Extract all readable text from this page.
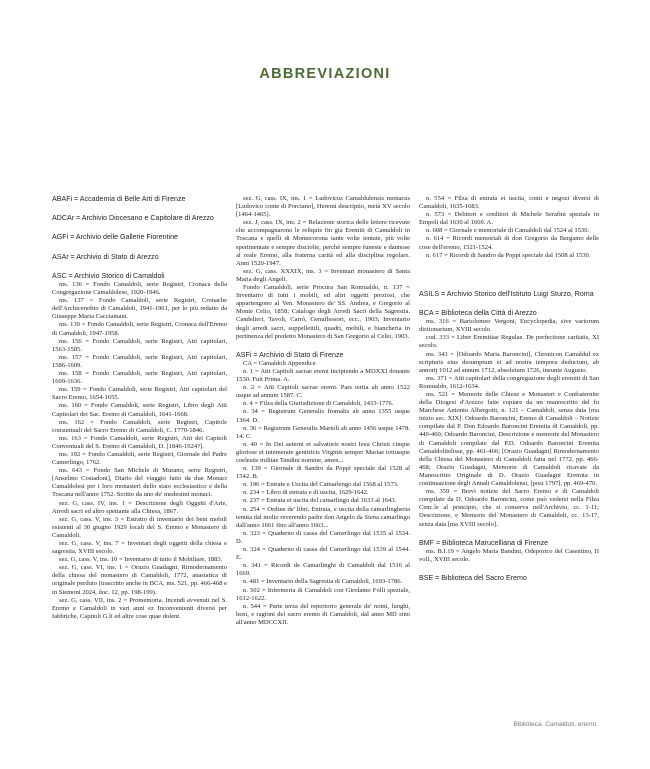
ABBREVIAZIONI

ABAFi = Accademia di Belle Arti di Firenze

ADCAr = Archivio Diocesano e Capitolare di Arezzo

AGFi = Archivio delle Gallerie Fiorentine

ASAr = Archivio di Stato di Arezzo

ASC = Archivio Storico di Camaldoli

ms. 136 = Fondo Camaldoli, serie Registri, Cronaca della Congregazione Camaldolese, 1920-1946.

ms. 137 = Fondo Camaldoli, serie Registri, Cronache dell'Archicenobio di Camaldoli, 1941-1961, per lo più redatto da Giuseppe Maria Cacciamani.

ms. 139 = Fondo Camaldoli, serie Registri, Cronaca dell'Eremo di Camaldoli, 1947-1958.

ms. 156 = Fondo Camaldoli, serie Registri, Atti capitolari, 1563-1585.

ms. 157 = Fondo Camaldoli, serie Registri, Atti capitolari, 1586-1609.

ms. 158 = Fondo Camaldoli, serie Registri, Atti capitolari, 1609-1636.

ms. 159 = Fondo Camaldoli, serie Registri, Atti capitolari del Sacro Eremo, 1654-1655.

ms. 160 = Fondo Camaldoli, serie Registri, Libro degli Atti Capitolari dei Sac. Eremo di Camaldoli, 1641-1668.

ms. 162 = Fondo Camaldoli, serie Registri, Capitole consuntuali del Sacro Eremo di Camaldoli, C. 1770-1846.

ms. 163 = Fondo Camaldoli, serie Registri, Atti dei Capitoli Conventuali del S. Eremo di Camaldoli, D. [1846-1924?].

ms. 192 = Fondo Camaldoli, serie Registri, Giornale del Padre Camerlingo, 1762.

ms. 643 = Fondo San Michele di Murano, serie Registri, [Anselmo Costadoni], Diario del viaggio fatto da due Monaci Camaldolesi per i loro monasteri dello stato ecclesiastico e della Toscana nell'anno 1752. Scritto da uno de' medesimi monaci.

sez. G, cass. IV, ins. 1 = Descrizione degli Oggetti d'Arte, Arredi sacri ed altro spettante alla Chiesa, 1867.

sez. G, cass. V, ins. 3 = Estratto di inventario dei beni mobili esistenti al 30 giugno 1929 locali del S. Eremo e Monastero di Camaldoli.

sez. G, cass. V, ins. 7 = Inventari degli oggetti della chiesa e sagrestia, XVIII secolo.

sez. G, cass. V, ins. 10 = Inventario di tutto il Mobiliare, 1883.

sez. G, cass. VI, ins. 1 = Orazio Guadagni, Rimodernamento della chiesa del monastero di Camaldoli, 1772, anastatica di originale perduto (trascritto anche in BCA, ms. 521, pp. 466-468 e in Siemoni 2024, doc. 12, pp. 198-199).

sez. G, cass. VII, ins. 2 = Promemoria. Incendi avvenuti nel S. Eremo e Camaldoli in vari anni ez Inconvenienti diversi per fabbriche, Capitoli G.li ed altre cose quae dolent.

sez. G, cass. IX, ins. 1 = Ludovicus Camaldulensis monacus [Ludovico conte di Porciano], Heremi descriptio, metà XV secolo [1464-1465].

sez. J, cass. IX, ins. 2 = Relazione storica delle lettere ricevute che accompagnarono le reliquie fin già Eremiti di Camaldoli in Toscana e quelli di Montecorona tante volte tentate, più volte sperimentate e sempre disciolte, perchè sempre funeste e dannose al reale Eremo, alla fraterna carità ed alla disciplina regolare. Anni 1520-1947.

sez. G, cass. XXXIX, ins. 3 = Inventari monastero di Santa Maria degli Angeli.

Fondo Camaldoli, serie Procura San Romualdo, n. 137 = Inventario di tutti i mobili, ed altri oggetti preziosi, che appartengono al Ven. Monastero de' SS. Andrea, e Gregorio al Monte Celio, 1858; Catalogo degli Arredi Sacri della Sagrestia. Candelieri, Tavoli, Carrò, Genuflessori, ecc., 1903; Inventario degli arredi sacri, suppellettili, quadri, mobili, e biancheria in pertinenza del predetto Monastero di San Gregorio al Celio, 1903.

ASFi = Archivio di Stato di Firenze

CA = Camaldoli Appendice

n. 1 = Atti Capitoli sacrae eremi incipiendo a MDXXI donante 1530. Fuit Prima. A.

n. 2 = Atti Capitoli sacrae eremi. Pars tertia ab anno 1522 usque ad annum 1587. C.

n. 4 = Filza della Giurisdizione di Camaldoli, 1433-1776.

n. 34 = Registrum Generalis fromalis ab anno 1355 usque 1364. D.

n. 36 = Registrum Generalis Martoli ab anno 1456 usque 1478. 14. C.

n. 40 = In Dei aeterni et salvatoris nostri Iesu Christi cinque gloriose et intemerate genitricis Virginis semper Mariae totiusque coelestis militae Tandini nomine, amen...

n. 139 = Giornale di Sandro da Poppi speciale dal 1528 al 1542. B.

n. 196 = Entrate e Uscita del Camarlengo dal 1568 al 1573.

n. 234 = Libro di entrata e di uscita, 1629-1642.

n. 237 = Entrata et uscita del camarlingo dal 1633 al 1643.

n. 254 = Ordine de' libri. Entrata, e uscita della camarlingheria tenuta dal molto reverendo padre don Angelo da Siena camarlingo dall'anno 1661 fino all'anno 1663...

n. 323 = Quaderno di cassa del Camerlingo dal 1535 al 1534. D.

n. 324 = Quaderno di cassa del Camerlingo dal 1539 al 1544. E.

n. 341 = Ricordi de Camarlinghi di Camaldoli dal 1516 al 1669.

n. 481 = Inventario della Sagrestia di Camaldoli, 1693-1786.

n. 502 = Infermeria di Camaldoli con Girolamo Folli speziale, 1612-1622.

n. 544 = Parte terza del repertorio generale de' nomi, luoghi, beni, e ragioni del sacro eremo di Camaldoli, dal anno MD sino all'anno MDCCXII.

n. 554 = Filza di entrata et uscita, conti e negozi diversi di Camaldoli, 1635-1683.

n. 573 = Debitori e creditori di Michele Serafini speziale in Empoli dal 1630 al 1660. A.

n. 608 = Giornale e memoriale di Camaldoli dal 1524 al 1530.

n. 614 = Ricordi memoriali di don Gregorio da Bergamo delle cose dell'eremo, 1521-1524.

n. 617 = Ricordi di Sandro da Poppi speciale dal 1508 al 1530.

ASILS = Archivio Storico dell'Istituto Luigi Sturzo, Roma

BCA = Biblioteca della Città di Arezzo

ms. 316 = Bartolomeo Vergoni, Encyclopedia, sive variorum dictionarium, XVIII secolo.

cod. 333 = Liber Eremitiae Regulae. De perfectione caritatis, XI secolo.

ms. 343 = [Odoardo Maria Baroncini], Chronicon Camaldul ex scripturis eius desumptum et ad nostra tempora deductum, ab annorij 1012 ad annum 1712, absolutum 1726, ineunte Augusto.

ms. 371 = Atti capitolari della congregazione degli eremiti di San Romualdo, 1612-1634.

ms. 521 = Memorie delle Chiese e Monasteri e Confraternite della Diogesi d'Arezzo fatte copiare da un manoscritto del fu Marchese Antonio Albergotti, n. 121 – Camaldoli, senza data [ma inizio sec. XIX]: Odoardo Baroncini, Eremo di Camaldoli – Notizie compilate dal P. Don Edoardo Baroncini Eremita di Camaldoli, pp. 449-460; Odoardo Baroncini, Descrizione e memorie del Monastero di Camaldoli compilate dal P.D. Odoardo Baroncini Eremita Camaldolitelisse, pp. 461-466; [Orazio Guadagni] Rimodernamento della Chiesa del Monastero di Camaldoli fatta nel 1772, pp. 466-468; Orazio Guadagni, Memorie di Camaldoli ricavate da Manoscritto Originale di D. Orazio Guadagni Eremita in continuazione degli Annali Camaldolensi, [post 1797], pp. 469-470.

ms. 359 = Brevi notizie del Sacro Eremo e di Camaldoli compilate da D. Odoardo Baroncini, come può vedersi nella Filza Cenc.le al principio, che si conserva nell'Archivio, cc. 1-11; Descrizione, e Memorie del Monastero di Camaldoli, cc. 13-17, senza data [ma XVIII secolo].

BMF = Biblioteca Marucelliana di Firenze

ms. B.I.19 = Angelo Maria Bandini, Odeporico del Casentino, II voll., XVIII secolo.

BSE = Biblioteca del Sacro Eremo

Biblioteca. Camaldoli, eremo.
